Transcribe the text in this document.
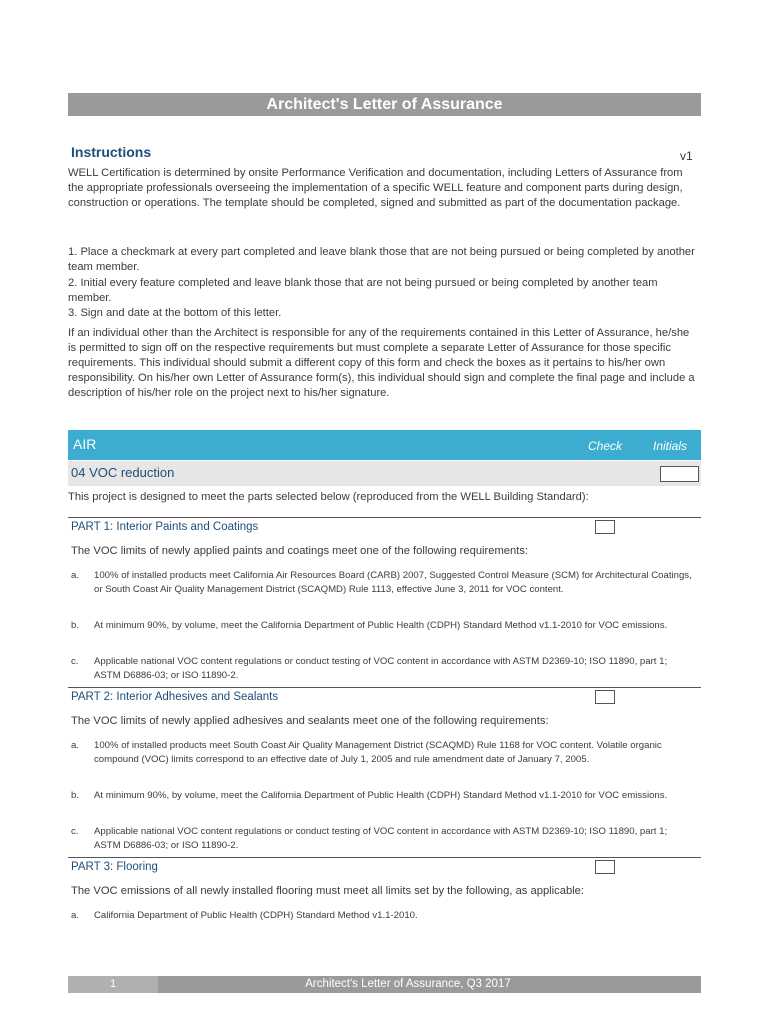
Architect's Letter of Assurance
Instructions	v1
WELL Certification is determined by onsite Performance Verification and documentation, including Letters of Assurance from the appropriate professionals overseeing the implementation of a specific WELL feature and component parts during design, construction or operations. The template should be completed, signed and submitted as part of the documentation package.
1. Place a checkmark at every part completed and leave blank those that are not being pursued or being completed by another team member.
2. Initial every feature completed and leave blank those that are not being pursued or being completed by another team member.
3. Sign and date at the bottom of this letter.
If an individual other than the Architect is responsible for any of the requirements contained in this Letter of Assurance, he/she is permitted to sign off on the respective requirements but must complete a separate Letter of Assurance for those specific requirements. This individual should submit a different copy of this form and check the boxes as it pertains to his/her own responsibility. On his/her own Letter of Assurance form(s), this individual should sign and complete the final page and include a description of his/her role on the project next to his/her signature.
AIR	Check	Initials
04 VOC reduction
This project is designed to meet the parts selected below (reproduced from the WELL Building Standard):
PART 1: Interior Paints and Coatings
The VOC limits of newly applied paints and coatings meet one of the following requirements:
a. 100% of installed products meet California Air Resources Board (CARB) 2007, Suggested Control Measure (SCM) for Architectural Coatings, or South Coast Air Quality Management District (SCAQMD) Rule 1113, effective June 3, 2011 for VOC content.
b. At minimum 90%, by volume, meet the California Department of Public Health (CDPH) Standard Method v1.1-2010 for VOC emissions.
c. Applicable national VOC content regulations or conduct testing of VOC content in accordance with ASTM D2369-10; ISO 11890, part 1; ASTM D6886-03; or ISO 11890-2.
PART 2: Interior Adhesives and Sealants
The VOC limits of newly applied adhesives and sealants meet one of the following requirements:
a. 100% of installed products meet South Coast Air Quality Management District (SCAQMD) Rule 1168 for VOC content. Volatile organic compound (VOC) limits correspond to an effective date of July 1, 2005 and rule amendment date of January 7, 2005.
b. At minimum 90%, by volume, meet the California Department of Public Health (CDPH) Standard Method v1.1-2010 for VOC emissions.
c. Applicable national VOC content regulations or conduct testing of VOC content in accordance with ASTM D2369-10; ISO 11890, part 1; ASTM D6886-03; or ISO 11890-2.
PART 3: Flooring
The VOC emissions of all newly installed flooring must meet all limits set by the following, as applicable:
a. California Department of Public Health (CDPH) Standard Method v1.1-2010.
1	Architect's Letter of Assurance, Q3 2017
